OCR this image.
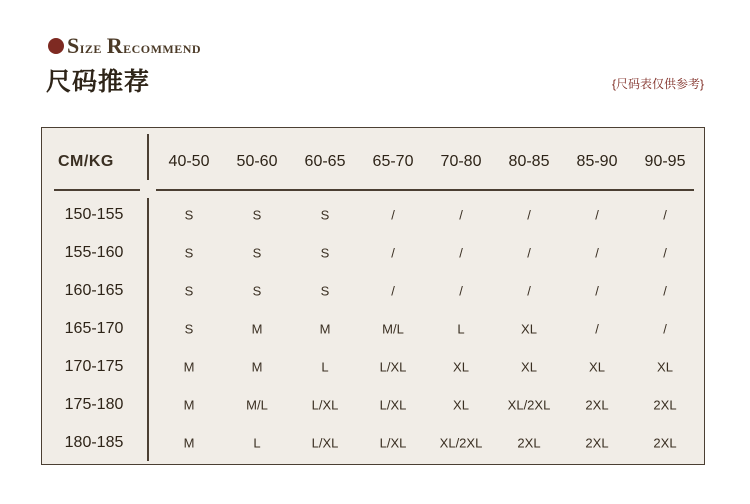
Size Recommend
尺码推荐	{尺码表仅供参考}
CM/KG	40-50 50-60 60-65 65-70 70-80 80-85 85-90 90-95
150-155	S	S	S	/	/	/	/	/
155-160	S	S	S	/	/	/	/	/
160-165	S	S	S	/	/	/	/	/
165-170	S	M	M	M/L	L	XL	/	/
170-175	M	M	L	L/XL	XL	XL	XL	XL
175-180	M	M/L	L/XL	L/XL	XL	XL/2XL	2XL	2XL
180-185	M	L	L/XL	L/XL	XL/2XL	2XL	2XL	2XL
